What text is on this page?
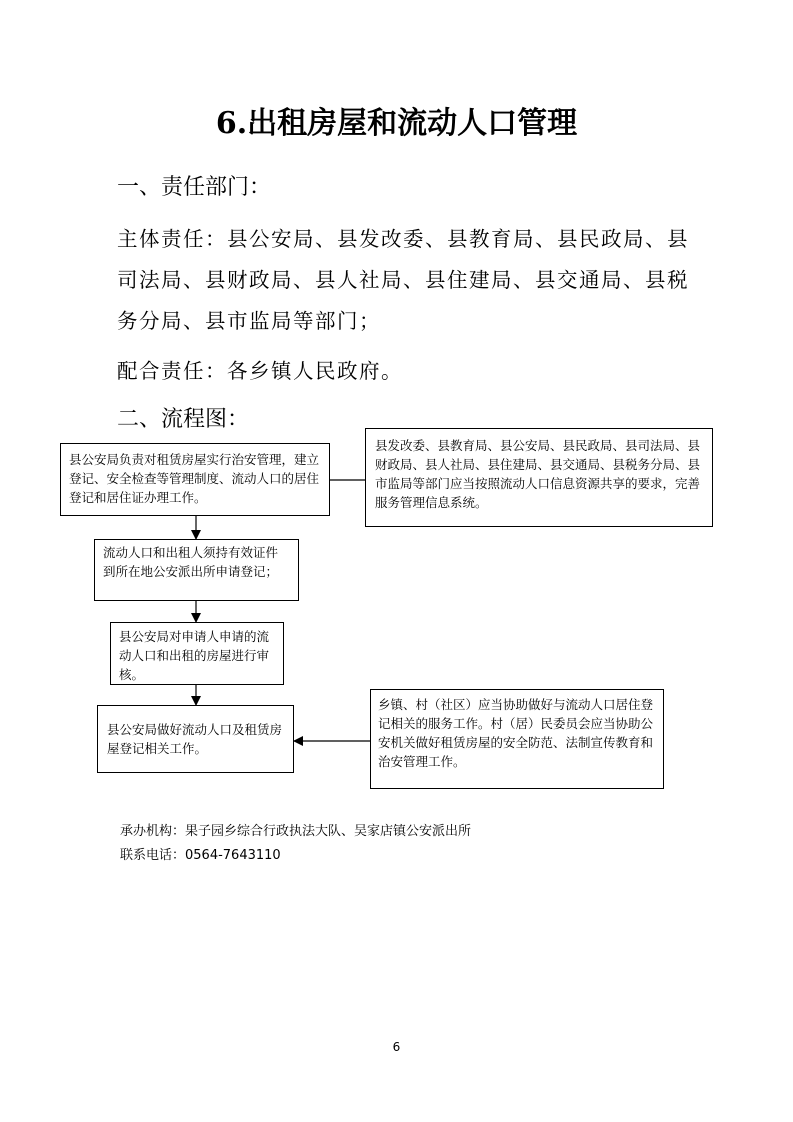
6.出租房屋和流动人口管理
一、责任部门：
主体责任：县公安局、县发改委、县教育局、县民政局、县司法局、县财政局、县人社局、县住建局、县交通局、县税务分局、县市监局等部门；
配合责任：各乡镇人民政府。
二、流程图：
县公安局负责对租赁房屋实行治安管理，建立登记、安全检查等管理制度、流动人口的居住登记和居住证办理工作。
县发改委、县教育局、县公安局、县民政局、县司法局、县财政局、县人社局、县住建局、县交通局、县税务分局、县市监局等部门应当按照流动人口信息资源共享的要求，完善服务管理信息系统。
流动人口和出租人须持有效证件到所在地公安派出所申请登记；
县公安局对申请人申请的流动人口和出租的房屋进行审核。
县公安局做好流动人口及租赁房屋登记相关工作。
乡镇、村（社区）应当协助做好与流动人口居住登记相关的服务工作。村（居）民委员会应当协助公安机关做好租赁房屋的安全防范、法制宣传教育和治安管理工作。
承办机构：果子园乡综合行政执法大队、吴家店镇公安派出所
联系电话：0564-7643110
6
